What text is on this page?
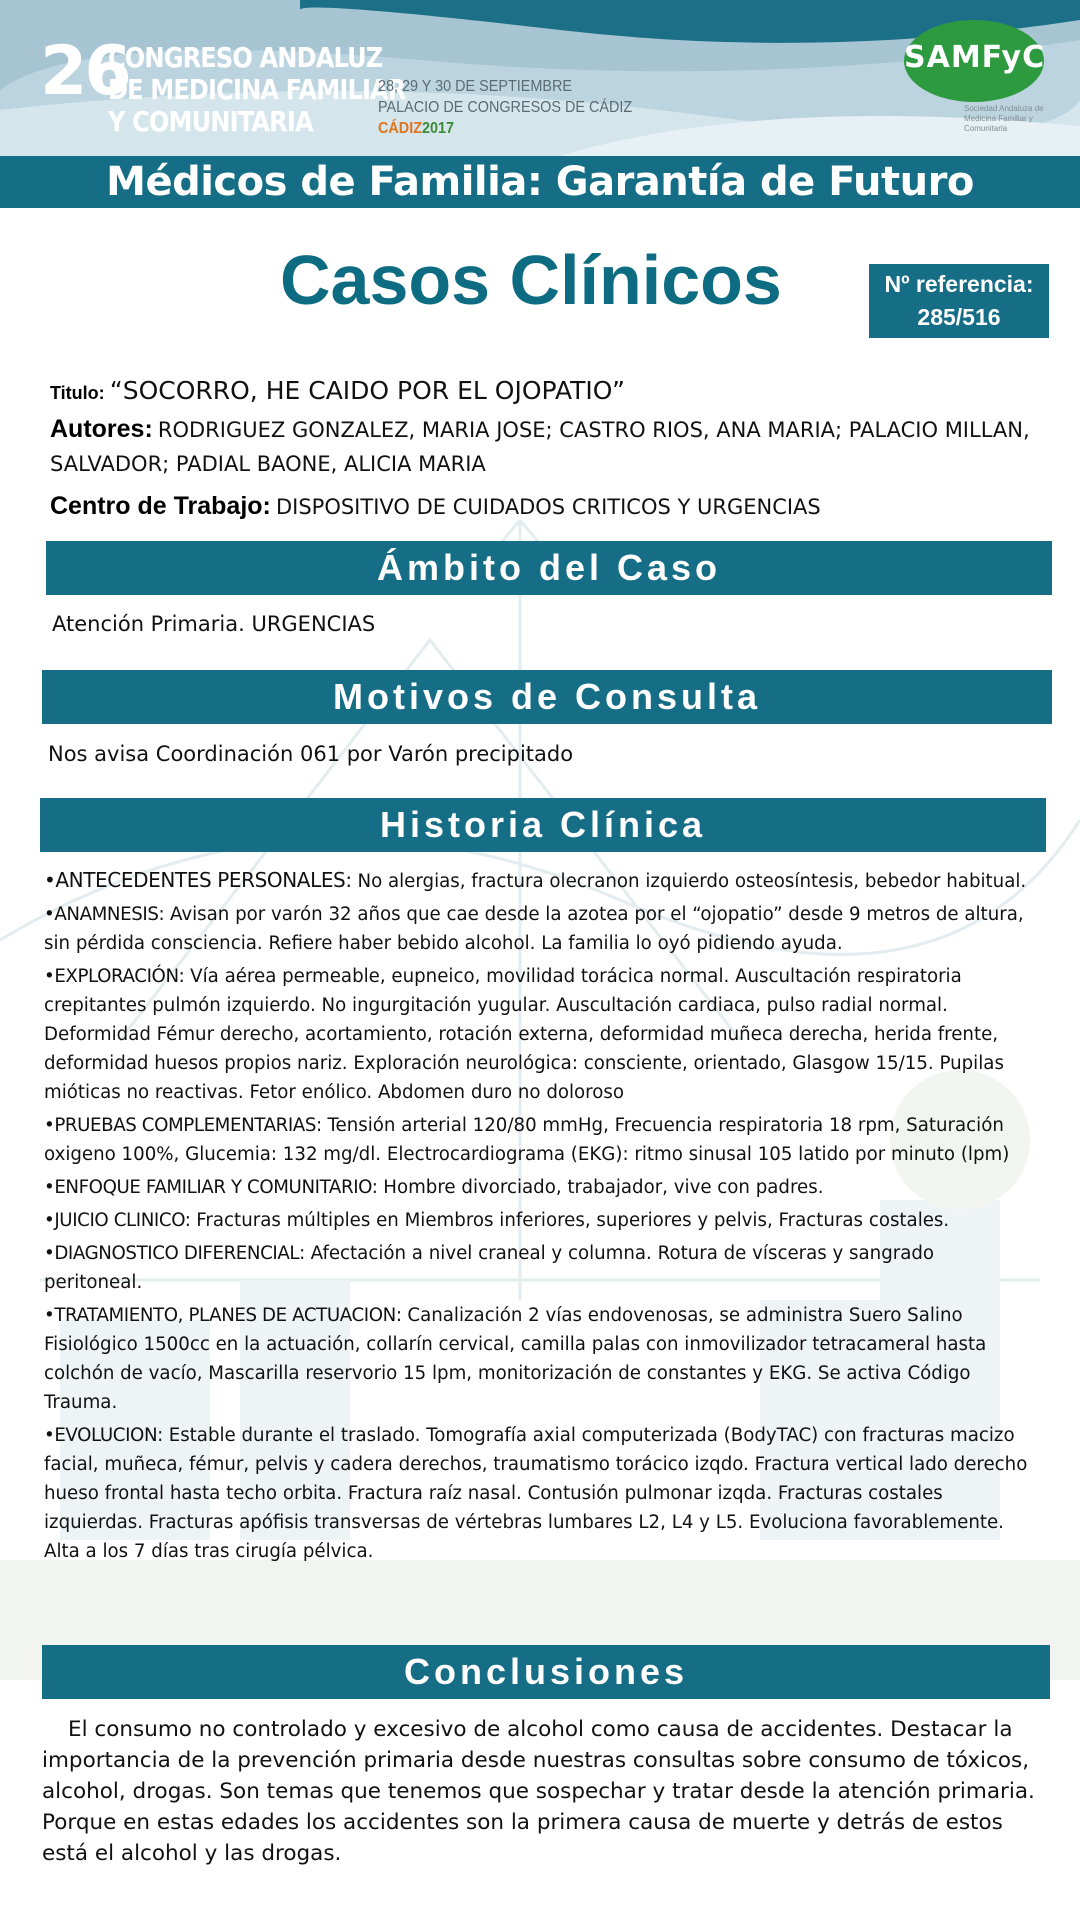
26
CONGRESO ANDALUZ
DE MEDICINA FAMILIAR
Y COMUNITARIA
28, 29 Y 30 DE SEPTIEMBRE
PALACIO DE CONGRESOS DE CÁDIZ
CÁDIZ2017
SAMFyC
Sociedad Andaluza de Medicina Familiar y Comunitaria
Médicos de Familia: Garantía de Futuro
Casos Clínicos	Nº referencia:
285/516
Titulo: “SOCORRO, HE CAIDO POR EL OJOPATIO”
Autores: RODRIGUEZ GONZALEZ, MARIA JOSE; CASTRO RIOS, ANA MARIA; PALACIO MILLAN, SALVADOR; PADIAL BAONE, ALICIA MARIA
Centro de Trabajo: DISPOSITIVO DE CUIDADOS CRITICOS Y URGENCIAS
Ámbito del Caso
Atención Primaria. URGENCIAS
Motivos de Consulta
Nos avisa Coordinación 061 por Varón precipitado
Historia Clínica

•ANTECEDENTES PERSONALES: No alergias, fractura olecranon izquierdo osteosíntesis, bebedor habitual.

•ANAMNESIS: Avisan por varón 32 años que cae desde la azotea por el “ojopatio” desde 9 metros de altura, sin pérdida consciencia. Refiere haber bebido alcohol. La familia lo oyó pidiendo ayuda.

•EXPLORACIÓN: Vía aérea permeable, eupneico, movilidad torácica normal. Auscultación respiratoria crepitantes pulmón izquierdo. No ingurgitación yugular. Auscultación cardiaca, pulso radial normal. Deformidad Fémur derecho, acortamiento, rotación externa, deformidad muñeca derecha, herida frente, deformidad huesos propios nariz. Exploración neurológica: consciente, orientado, Glasgow 15/15. Pupilas mióticas no reactivas. Fetor enólico. Abdomen duro no doloroso

•PRUEBAS COMPLEMENTARIAS: Tensión arterial 120/80 mmHg, Frecuencia respiratoria 18 rpm, Saturación oxigeno 100%, Glucemia: 132 mg/dl. Electrocardiograma (EKG): ritmo sinusal 105 latido por minuto (lpm)

•ENFOQUE FAMILIAR Y COMUNITARIO: Hombre divorciado, trabajador, vive con padres.

•JUICIO CLINICO: Fracturas múltiples en Miembros inferiores, superiores y pelvis, Fracturas costales.

•DIAGNOSTICO DIFERENCIAL: Afectación a nivel craneal y columna. Rotura de vísceras y sangrado peritoneal.

•TRATAMIENTO, PLANES DE ACTUACION: Canalización 2 vías endovenosas, se administra Suero Salino Fisiológico 1500cc en la actuación, collarín cervical, camilla palas con inmovilizador tetracameral hasta colchón de vacío, Mascarilla reservorio 15 lpm, monitorización de constantes y EKG. Se activa Código Trauma.

•EVOLUCION: Estable durante el traslado. Tomografía axial computerizada (BodyTAC) con fracturas macizo facial, muñeca, fémur, pelvis y cadera derechos, traumatismo torácico izqdo. Fractura vertical lado derecho hueso frontal hasta techo orbita. Fractura raíz nasal. Contusión pulmonar izqda. Fracturas costales izquierdas. Fracturas apófisis transversas de vértebras lumbares L2, L4 y L5. Evoluciona favorablemente. Alta a los 7 días tras cirugía pélvica.

Conclusiones
El consumo no controlado y excesivo de alcohol como causa de accidentes. Destacar la importancia de la prevención primaria desde nuestras consultas sobre consumo de tóxicos, alcohol, drogas. Son temas que tenemos que sospechar y tratar desde la atención primaria. Porque en estas edades los accidentes son la primera causa de muerte y detrás de estos está el alcohol y las drogas.
